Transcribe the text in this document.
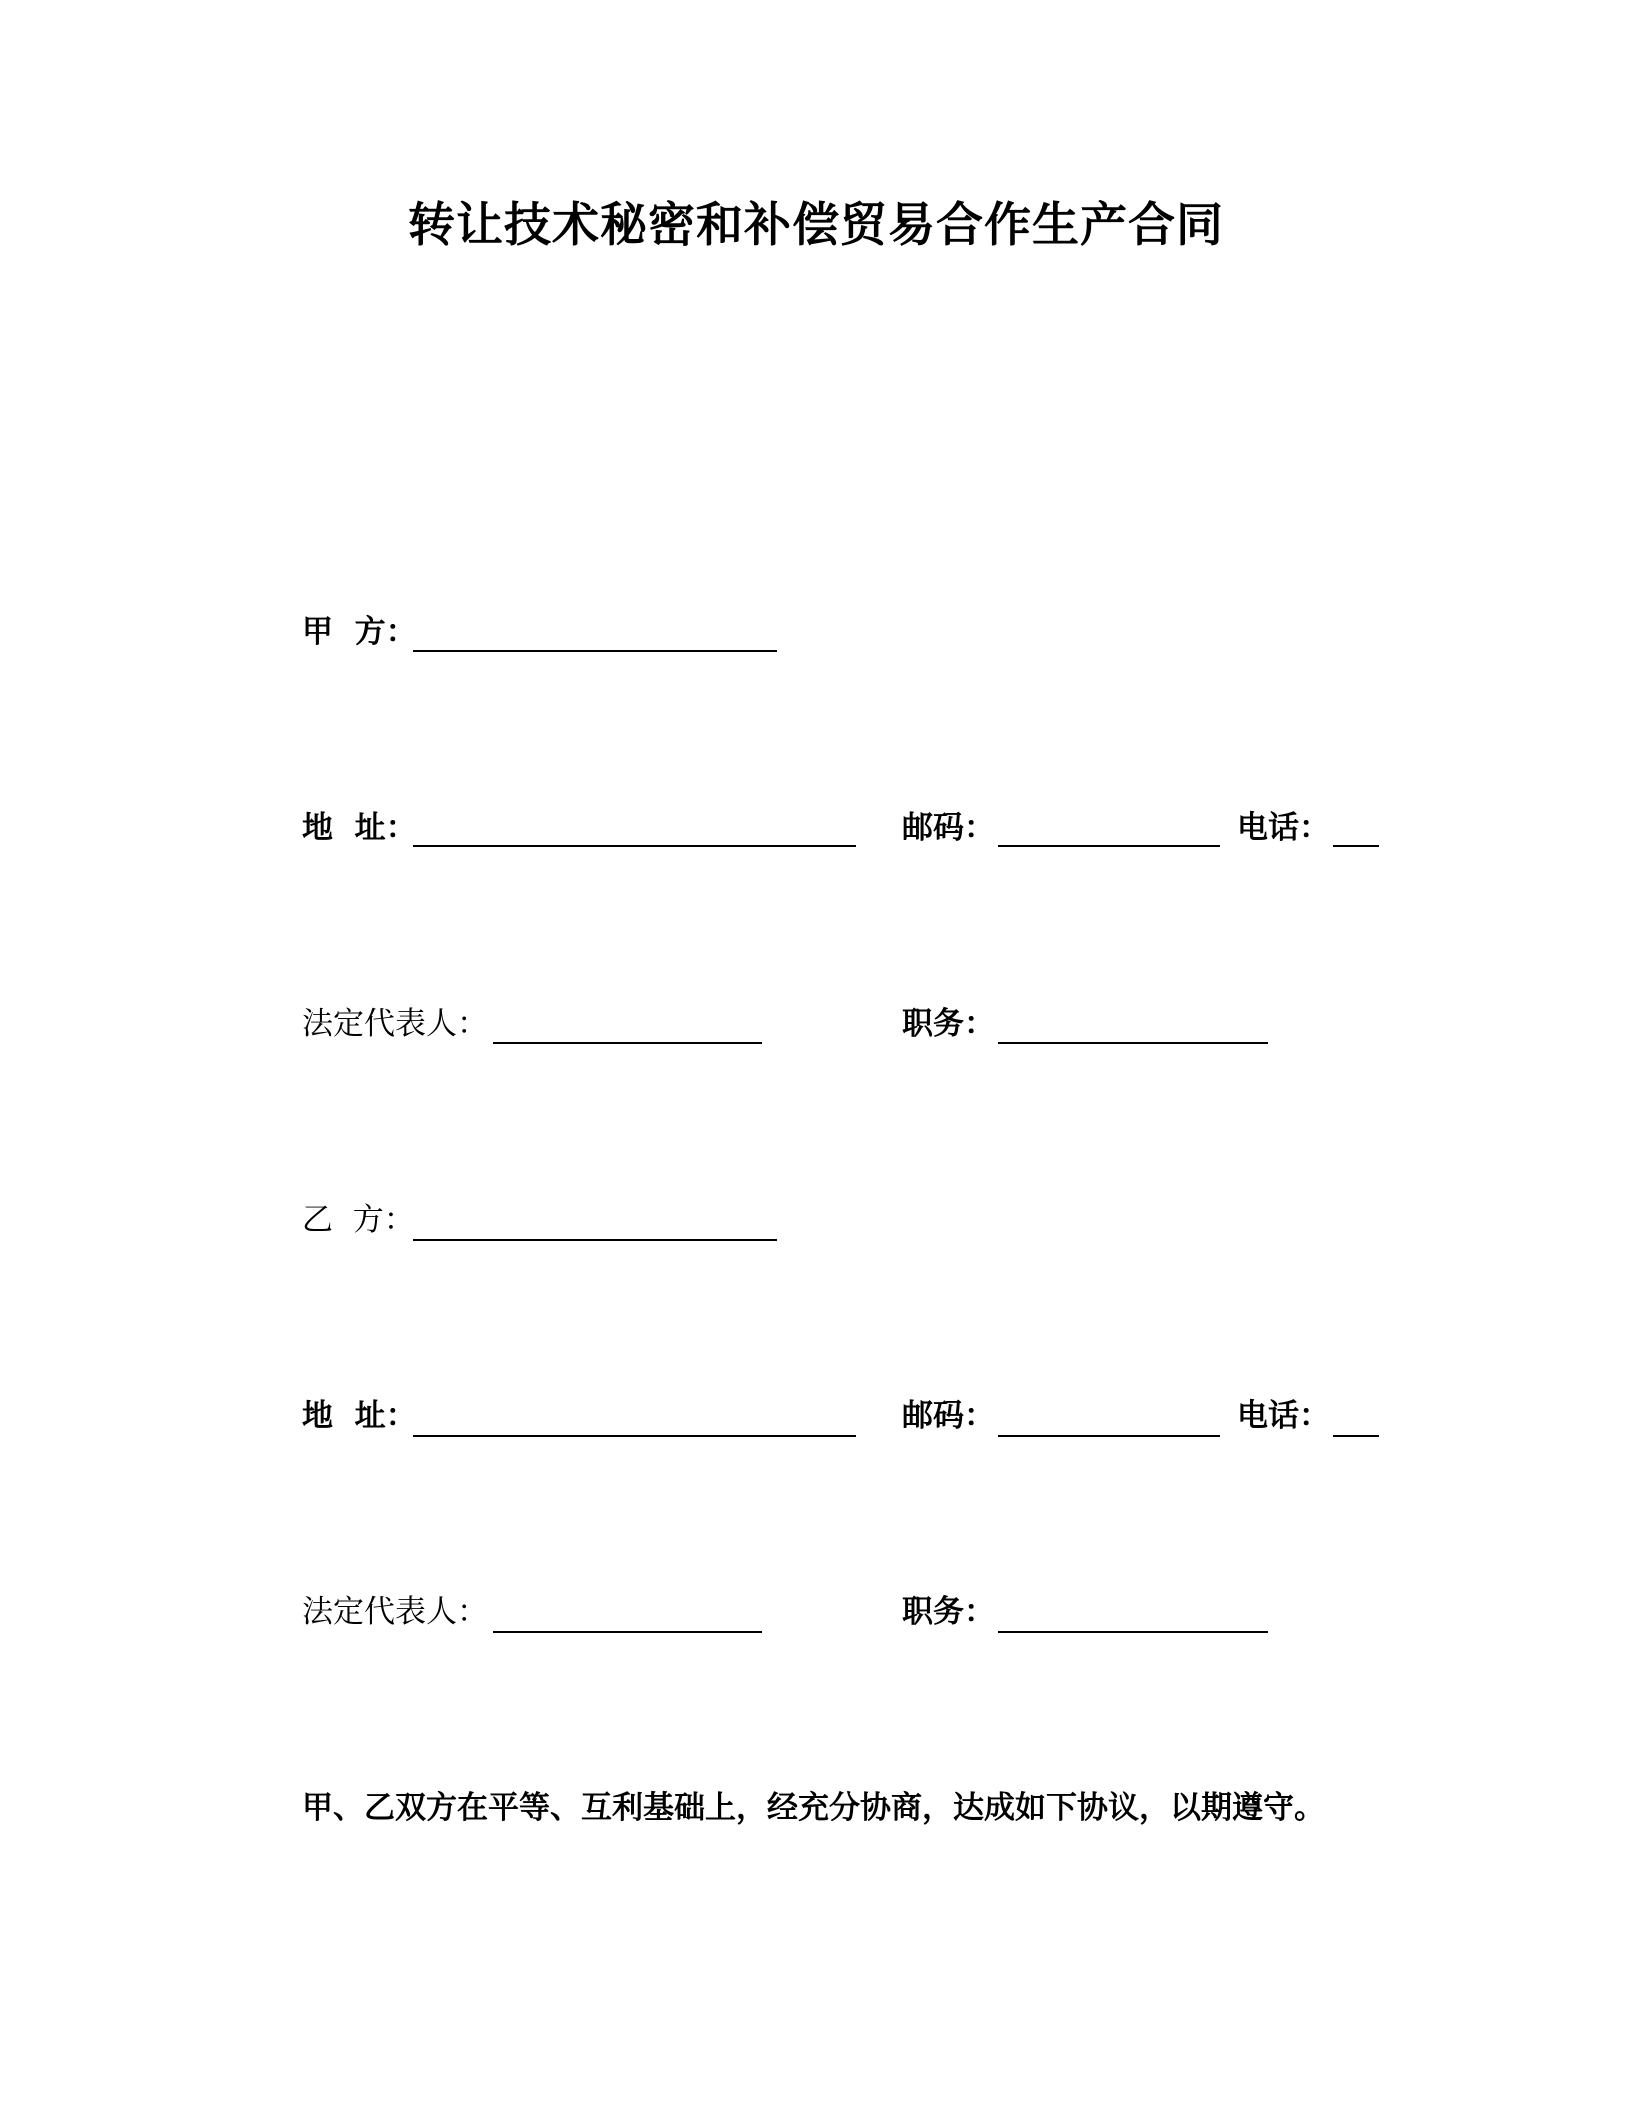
转让技术秘密和补偿贸易合作生产合同
甲  方：
地  址：	邮码：	电话：
法定代表人：	职务：
乙  方：
地  址：	邮码：	电话：
法定代表人：	职务：

甲、乙双方在平等、互利基础上，经充分协商，达成如下协议，以期遵守。
